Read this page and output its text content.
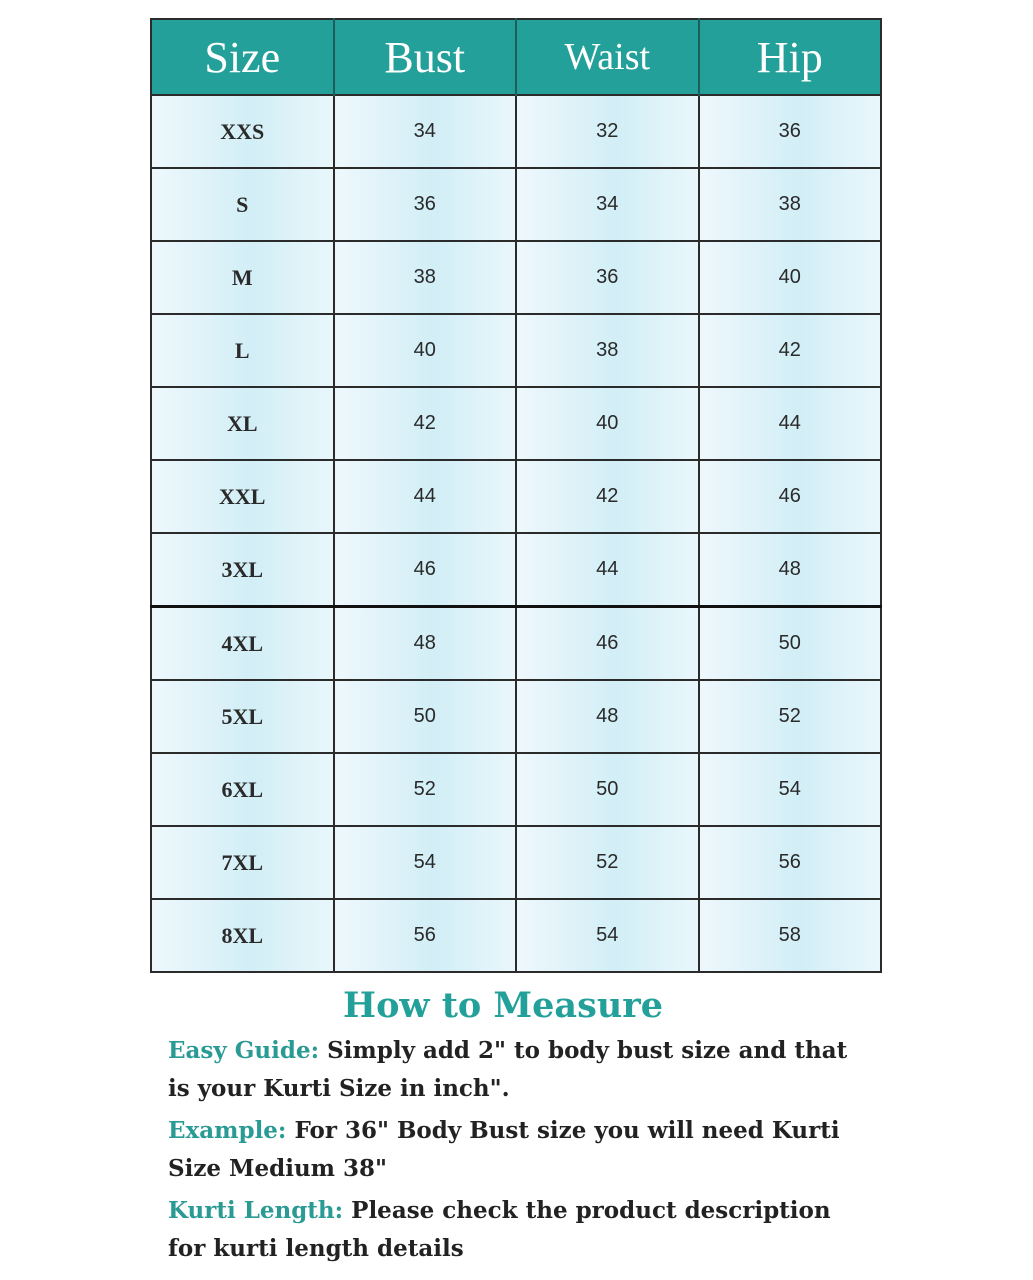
Size	Bust	Waist	Hip
XXS	34	32	36
S	36	34	38
M	38	36	40
L	40	38	42
XL	42	40	44
XXL	44	42	46
3XL	46	44	48
4XL	48	46	50
5XL	50	48	52
6XL	52	50	54
7XL	54	52	56
8XL	56	54	58
How to Measure

Easy Guide: Simply add 2" to body bust size and that is your Kurti Size in inch".

Example: For 36" Body Bust size you will need Kurti Size Medium 38"

Kurti Length: Please check the product description for kurti length details
